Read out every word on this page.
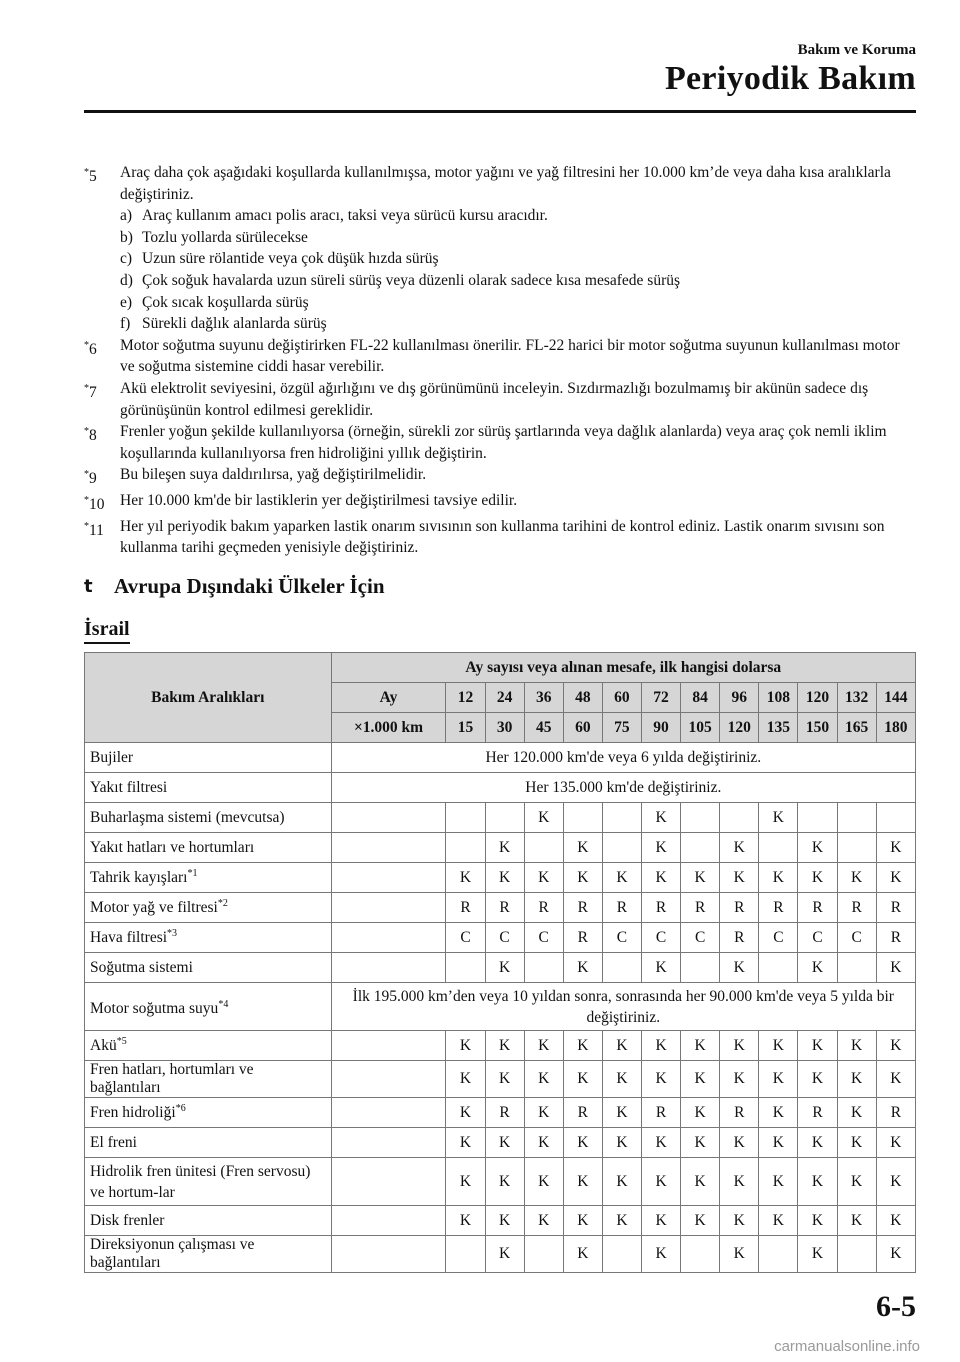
Bakım ve Koruma
Periyodik Bakım
*5	Araç daha çok aşağıdaki koşullarda kullanılmışsa, motor yağını ve yağ filtresini her 10.000 km’de veya daha kısa aralıklarla değiştiriniz.
a) Araç kullanım amacı polis aracı, taksi veya sürücü kursu aracıdır.
b) Tozlu yollarda sürülecekse
c) Uzun süre rölantide veya çok düşük hızda sürüş
d) Çok soğuk havalarda uzun süreli sürüş veya düzenli olarak sadece kısa mesafede sürüş
e) Çok sıcak koşullarda sürüş
f) Sürekli dağlık alanlarda sürüş
*6	Motor soğutma suyunu değiştirirken FL-22 kullanılması önerilir. FL-22 harici bir motor soğutma suyunun kullanılması motor ve soğutma sistemine ciddi hasar verebilir.
*7	Akü elektrolit seviyesini, özgül ağırlığını ve dış görünümünü inceleyin. Sızdırmazlığı bozulmamış bir akünün sadece dış görünüşünün kontrol edilmesi gereklidir.
*8	Frenler yoğun şekilde kullanılıyorsa (örneğin, sürekli zor sürüş şartlarında veya dağlık alanlarda) veya araç çok nemli iklim koşullarında kullanılıyorsa fren hidroliğini yıllık değiştirin.
*9	Bu bileşen suya daldırılırsa, yağ değiştirilmelidir.
*10	Her 10.000 km'de bir lastiklerin yer değiştirilmesi tavsiye edilir.
*11	Her yıl periyodik bakım yaparken lastik onarım sıvısının son kullanma tarihini de kontrol ediniz. Lastik onarım sıvısını son kullanma tarihi geçmeden yenisiyle değiştiriniz.
t	Avrupa Dışındaki Ülkeler İçin
İsrail
Bakım Aralıkları	Ay sayısı veya alınan mesafe, ilk hangisi dolarsa												
	Ay	12	24	36	48	60	72	84	96	108	120	132	144
	×1.000 km	15	30	45	60	75	90	105	120	135	150	165	180
Bujiler	Her 120.000 km'de veya 6 yılda değiştiriniz.												
Yakıt filtresi	Her 135.000 km'de değiştiriniz.												
Buharlaşma sistemi (mevcutsa)				K			K			K			
Yakıt hatları ve hortumları			K		K		K		K		K		K
Tahrik kayışları$^{*1}$		K	K	K	K	K	K	K	K	K	K	K	K
Motor yağ ve filtresi$^{*2}$		R	R	R	R	R	R	R	R	R	R	R	R
Hava filtresi$^{*3}$		C	C	C	R	C	C	C	R	C	C	C	R
Soğutma sistemi			K		K		K		K		K		K
Motor soğutma suyu$^{*4}$	İlk 195.000 km’den veya 10 yıldan sonra, sonrasında her 90.000 km'de veya 5 yılda bir değiştiriniz.												
Akü$^{*5}$		K	K	K	K	K	K	K	K	K	K	K	K
Fren hatları, hortumları ve bağlantıları		K	K	K	K	K	K	K	K	K	K	K	K
Fren hidroliği$^{*6}$		K	R	K	R	K	R	K	R	K	R	K	R
El freni		K	K	K	K	K	K	K	K	K	K	K	K
Hidrolik fren ünitesi (Fren servosu) ve hortum-lar		K	K	K	K	K	K	K	K	K	K	K	K
Disk frenler		K	K	K	K	K	K	K	K	K	K	K	K
Direksiyonun çalışması ve bağlantıları			K		K		K		K		K		K
6-5
carmanualsonline.info
